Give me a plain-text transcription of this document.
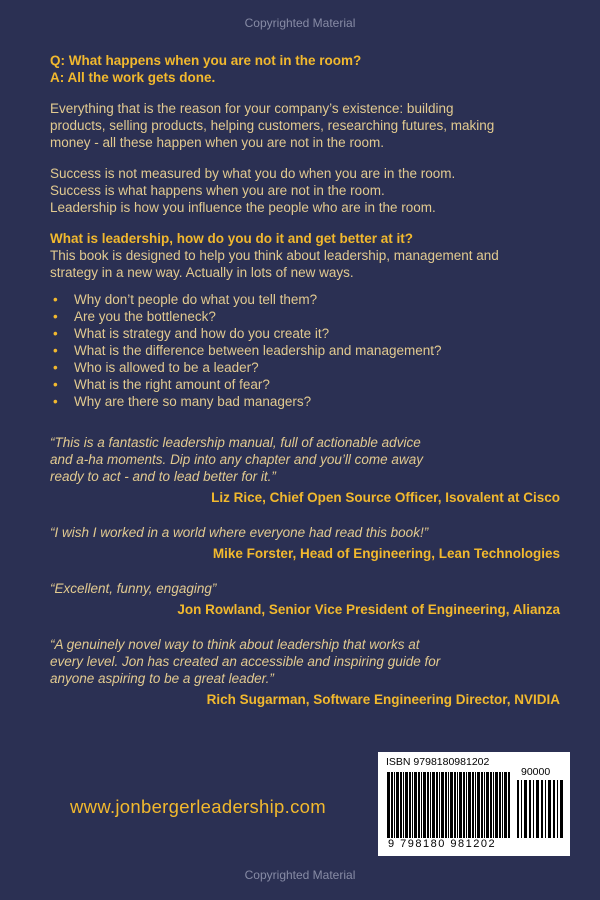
Copyrighted Material
Q: What happens when you are not in the room?
A: All the work gets done.
Everything that is the reason for your company’s existence: building
products, selling products, helping customers, researching futures, making
money - all these happen when you are not in the room.
Success is not measured by what you do when you are in the room.
Success is what happens when you are not in the room.
Leadership is how you influence the people who are in the room.
What is leadership, how do you do it and get better at it?
This book is designed to help you think about leadership, management and
strategy in a new way. Actually in lots of new ways.
• Why don’t people do what you tell them?
• Are you the bottleneck?
• What is strategy and how do you create it?
• What is the difference between leadership and management?
• Who is allowed to be a leader?
• What is the right amount of fear?
• Why are there so many bad managers?
“This is a fantastic leadership manual, full of actionable advice
and a-ha moments. Dip into any chapter and you’ll come away
ready to act - and to lead better for it.”
Liz Rice, Chief Open Source Officer, Isovalent at Cisco
“I wish I worked in a world where everyone had read this book!”
Mike Forster, Head of Engineering, Lean Technologies
“Excellent, funny, engaging”
Jon Rowland, Senior Vice President of Engineering, Alianza
“A genuinely novel way to think about leadership that works at
every level. Jon has created an accessible and inspiring guide for
anyone aspiring to be a great leader.”
Rich Sugarman, Software Engineering Director, NVIDIA
www.jonbergerleadership.com
ISBN 9798180981202
90000
9 798180 981202
Copyrighted Material
